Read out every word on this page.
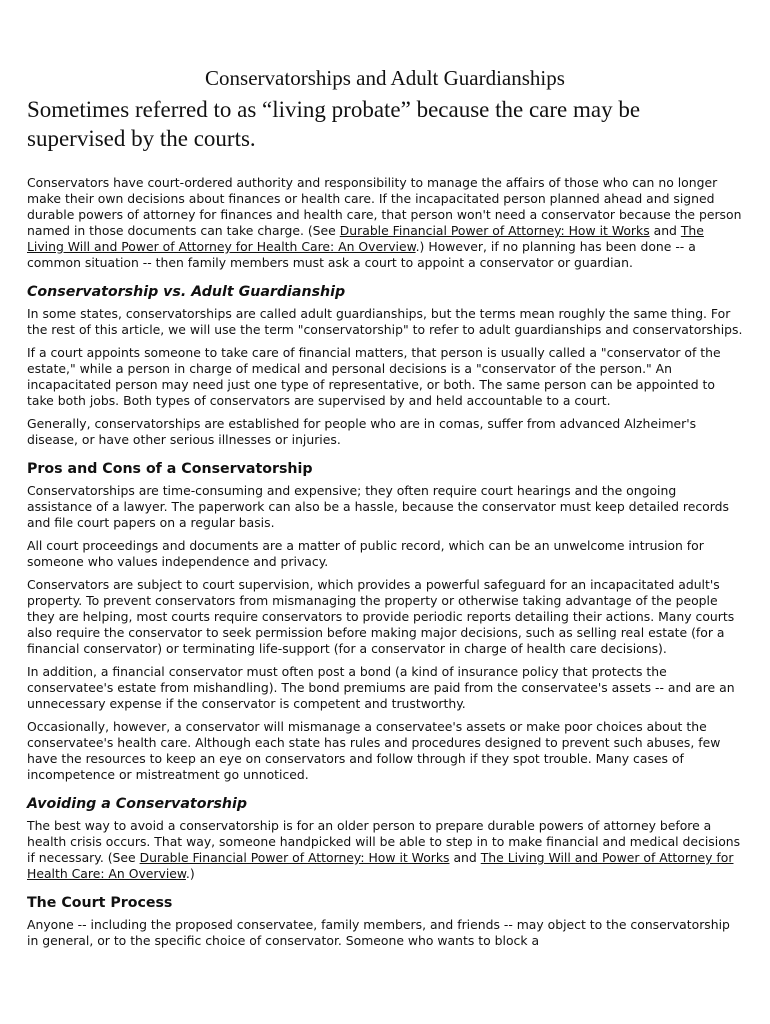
Conservatorships and Adult Guardianships
Sometimes referred to as “living probate” because the care may be supervised by the courts.

Conservators have court-ordered authority and responsibility to manage the affairs of those who can no longer make their own decisions about finances or health care. If the incapacitated person planned ahead and signed durable powers of attorney for finances and health care, that person won't need a conservator because the person named in those documents can take charge. (See Durable Financial Power of Attorney: How it Works and The Living Will and Power of Attorney for Health Care: An Overview.) However, if no planning has been done -- a common situation -- then family members must ask a court to appoint a conservator or guardian.

Conservatorship vs. Adult Guardianship

In some states, conservatorships are called adult guardianships, but the terms mean roughly the same thing. For the rest of this article, we will use the term "conservatorship" to refer to adult guardianships and conservatorships.

If a court appoints someone to take care of financial matters, that person is usually called a "conservator of the estate," while a person in charge of medical and personal decisions is a "conservator of the person." An incapacitated person may need just one type of representative, or both. The same person can be appointed to take both jobs. Both types of conservators are supervised by and held accountable to a court.

Generally, conservatorships are established for people who are in comas, suffer from advanced Alzheimer's disease, or have other serious illnesses or injuries.

Pros and Cons of a Conservatorship

Conservatorships are time-consuming and expensive; they often require court hearings and the ongoing assistance of a lawyer. The paperwork can also be a hassle, because the conservator must keep detailed records and file court papers on a regular basis.

All court proceedings and documents are a matter of public record, which can be an unwelcome intrusion for someone who values independence and privacy.

Conservators are subject to court supervision, which provides a powerful safeguard for an incapacitated adult's property. To prevent conservators from mismanaging the property or otherwise taking advantage of the people they are helping, most courts require conservators to provide periodic reports detailing their actions. Many courts also require the conservator to seek permission before making major decisions, such as selling real estate (for a financial conservator) or terminating life-support (for a conservator in charge of health care decisions).

In addition, a financial conservator must often post a bond (a kind of insurance policy that protects the conservatee's estate from mishandling). The bond premiums are paid from the conservatee's assets -- and are an unnecessary expense if the conservator is competent and trustworthy.

Occasionally, however, a conservator will mismanage a conservatee's assets or make poor choices about the conservatee's health care. Although each state has rules and procedures designed to prevent such abuses, few have the resources to keep an eye on conservators and follow through if they spot trouble. Many cases of incompetence or mistreatment go unnoticed.

Avoiding a Conservatorship

The best way to avoid a conservatorship is for an older person to prepare durable powers of attorney before a health crisis occurs. That way, someone handpicked will be able to step in to make financial and medical decisions if necessary. (See Durable Financial Power of Attorney: How it Works and The Living Will and Power of Attorney for Health Care: An Overview.)

The Court Process

Anyone -- including the proposed conservatee, family members, and friends -- may object to the conservatorship in general, or to the specific choice of conservator. Someone who wants to block a
